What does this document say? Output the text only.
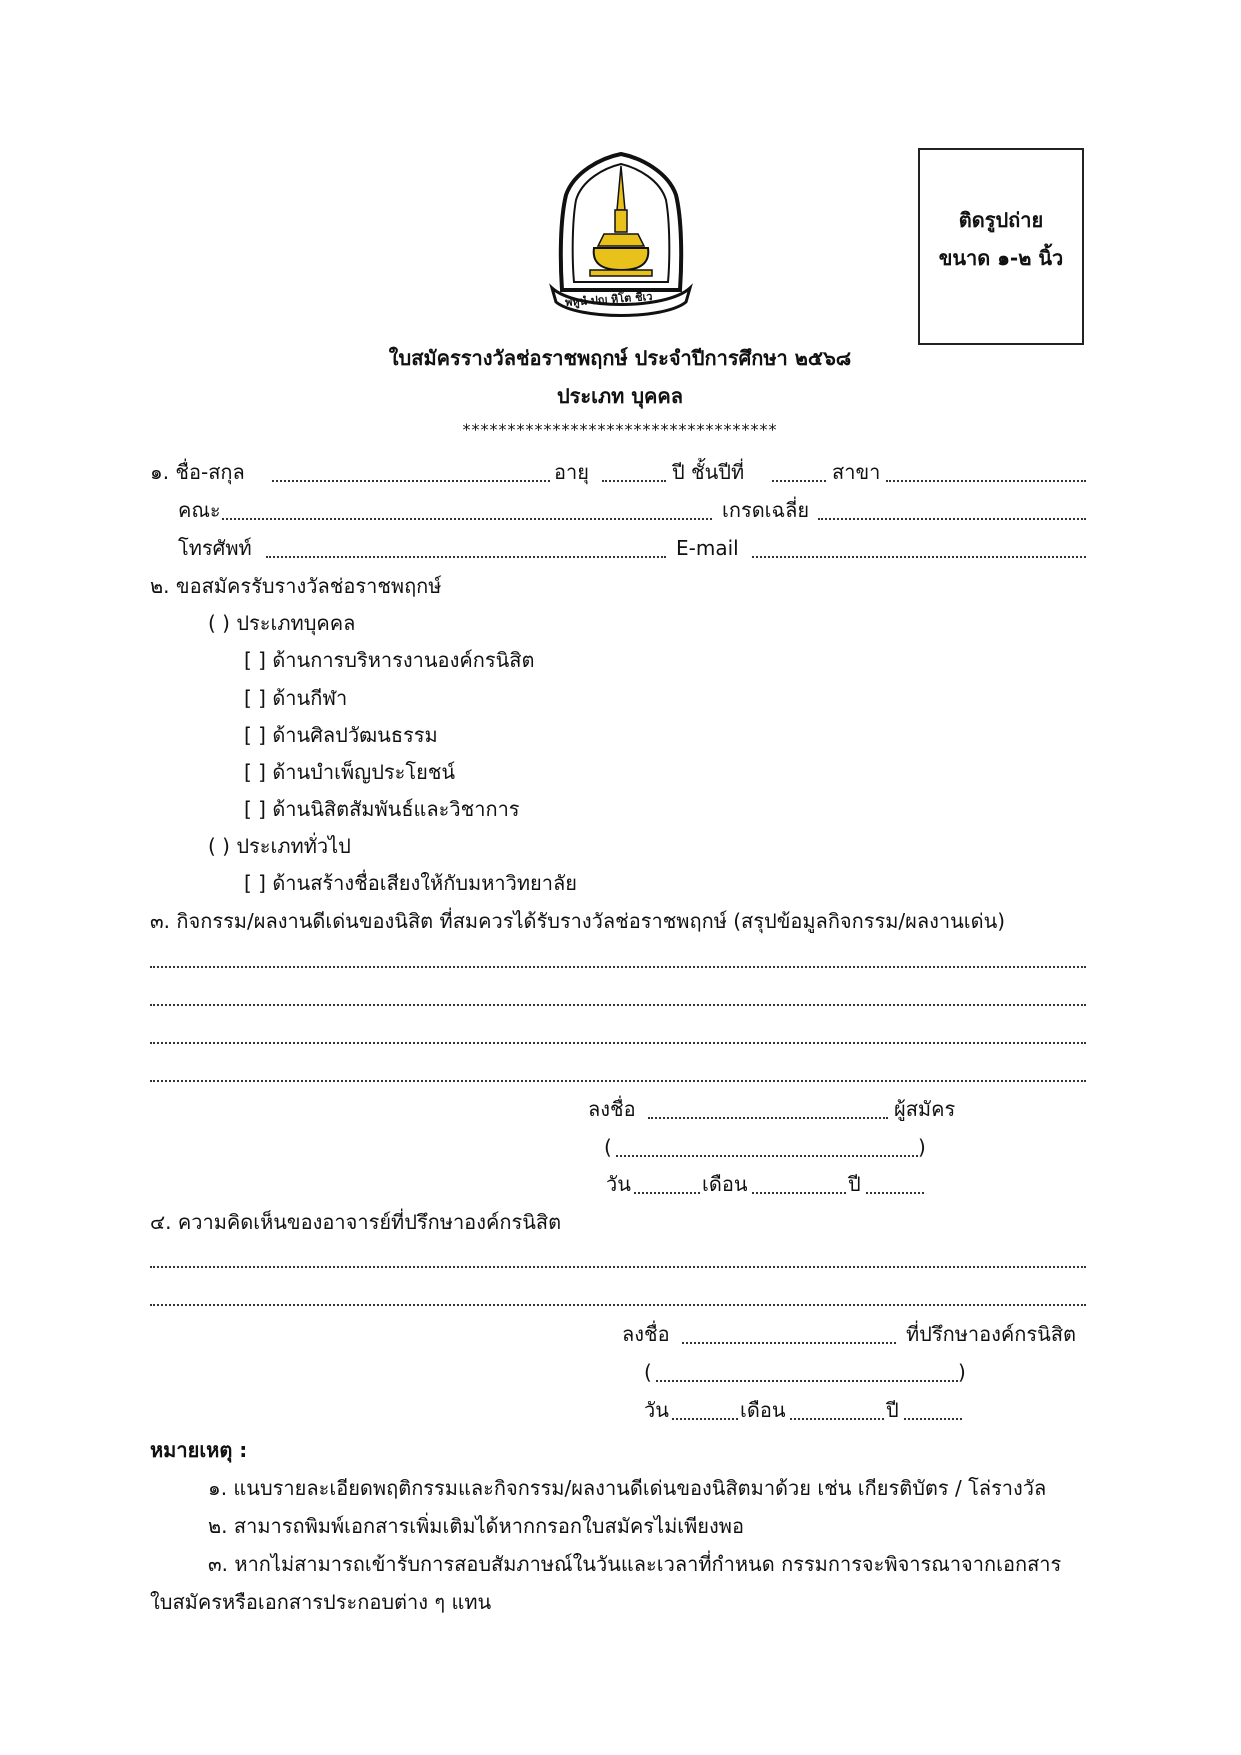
ติดรูปถ่าย
ขนาด ๑-๒ นิ้ว
พหูนํ ปญฺ หิโต ชีเว
ใบสมัครรางวัลช่อราชพฤกษ์ ประจำปีการศึกษา ๒๕๖๘
ประเภท บุคคล
***********************************
๑. ชื่อ-สกุล	อายุ	ปี ชั้นปีที่	สาขา
คณะ	เกรดเฉลี่ย
โทรศัพท์	E-mail
๒. ขอสมัครรับรางวัลช่อราชพฤกษ์
( ) ประเภทบุคคล
[ ] ด้านการบริหารงานองค์กรนิสิต
[ ] ด้านกีฬา
[ ] ด้านศิลปวัฒนธรรม
[ ] ด้านบำเพ็ญประโยชน์
[ ] ด้านนิสิตสัมพันธ์และวิชาการ
( ) ประเภททั่วไป
[ ] ด้านสร้างชื่อเสียงให้กับมหาวิทยาลัย
๓. กิจกรรม/ผลงานดีเด่นของนิสิต ที่สมควรได้รับรางวัลช่อราชพฤกษ์ (สรุปข้อมูลกิจกรรม/ผลงานเด่น)
ลงชื่อ	ผู้สมัคร
(	)
วัน	เดือน	ปี
๔. ความคิดเห็นของอาจารย์ที่ปรึกษาองค์กรนิสิต
ลงชื่อ	ที่ปรึกษาองค์กรนิสิต
(	)
วัน	เดือน	ปี
หมายเหตุ :
๑. แนบรายละเอียดพฤติกรรมและกิจกรรม/ผลงานดีเด่นของนิสิตมาด้วย เช่น เกียรติบัตร / โล่รางวัล
๒. สามารถพิมพ์เอกสารเพิ่มเติมได้หากกรอกใบสมัครไม่เพียงพอ
๓. หากไม่สามารถเข้ารับการสอบสัมภาษณ์ในวันและเวลาที่กำหนด กรรมการจะพิจารณาจากเอกสาร
ใบสมัครหรือเอกสารประกอบต่าง ๆ แทน
